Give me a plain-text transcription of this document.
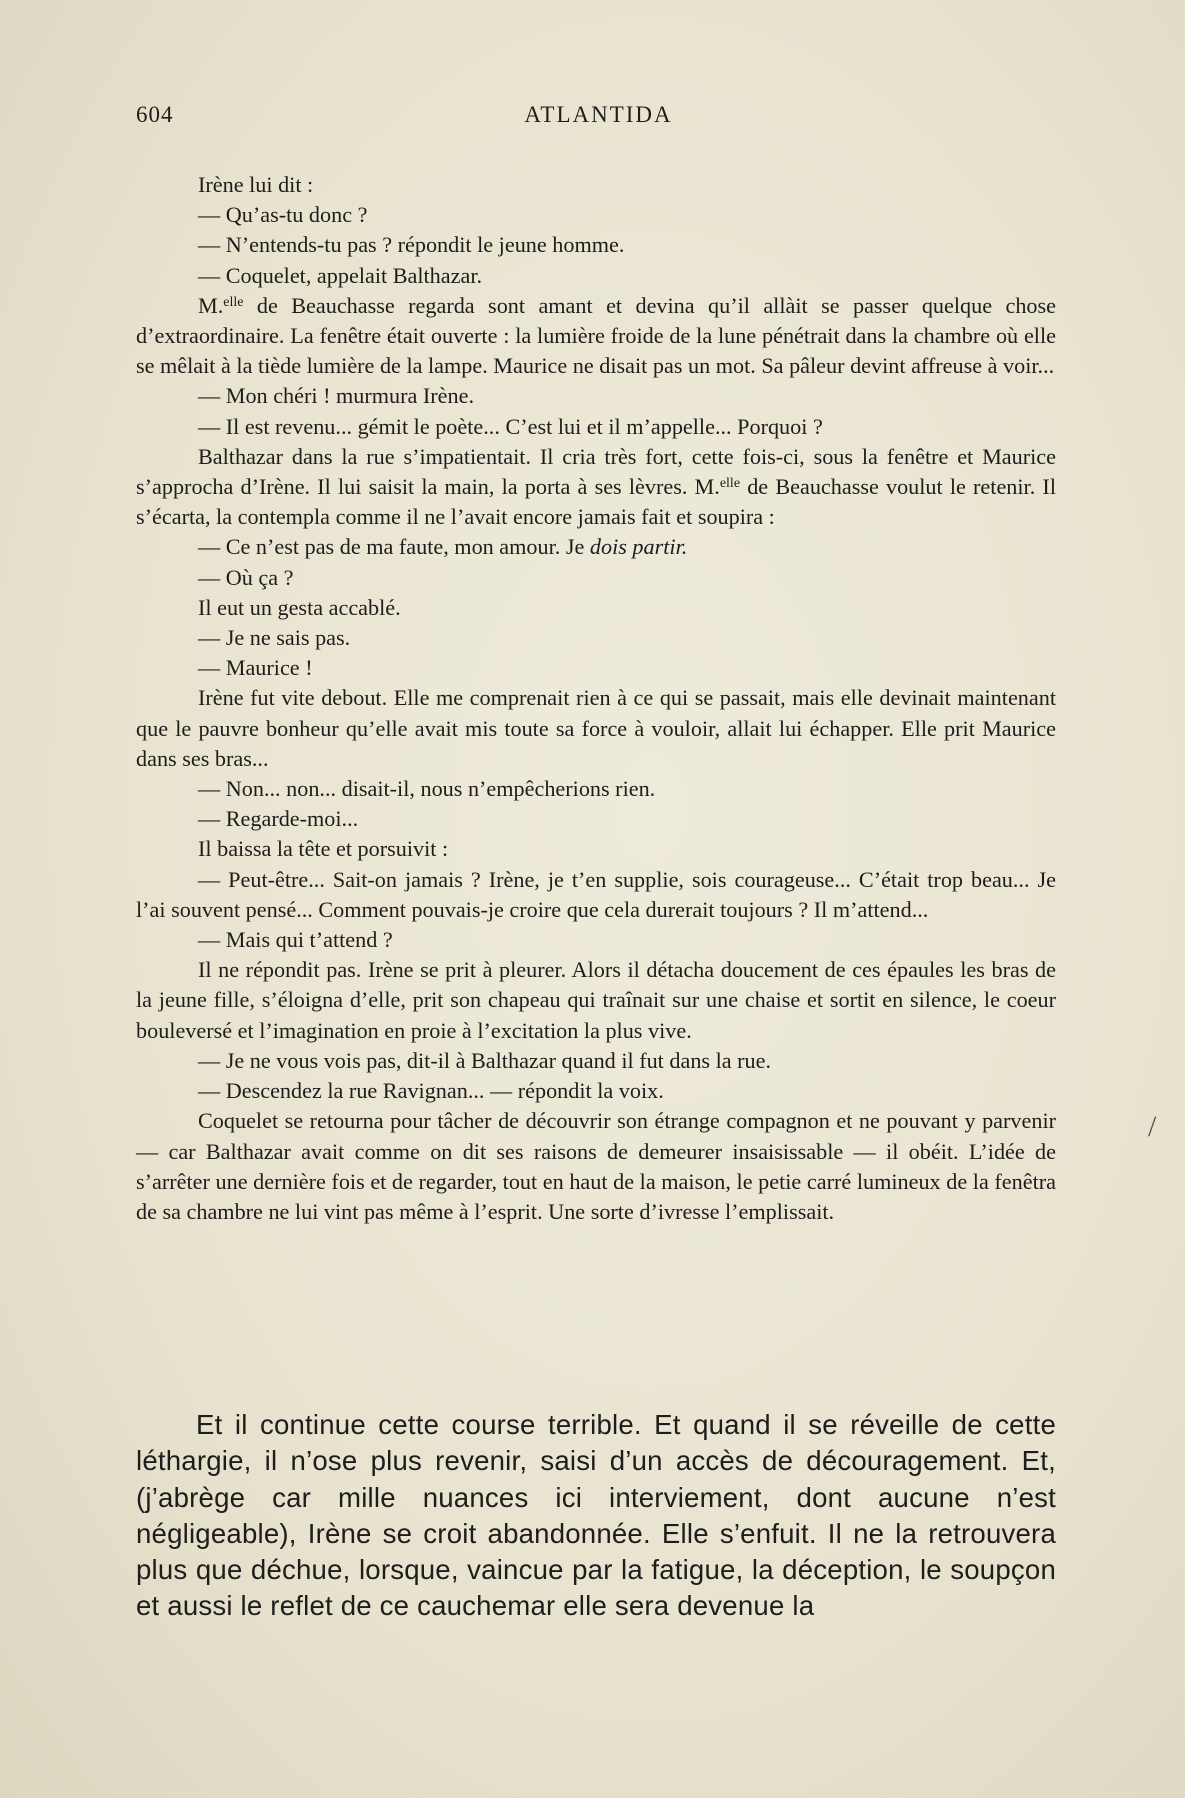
604	ATLANTIDA

Irène lui dit :

— Qu’as-tu donc ?

— N’entends-tu pas ? répondit le jeune homme.

— Coquelet, appelait Balthazar.

M.$^{elle}$ de Beauchasse regarda sont amant et devina qu’il allàit se passer quelque chose d’extraordinaire. La fenêtre était ouverte : la lumière froide de la lune pénétrait dans la chambre où elle se mêlait à la tiède lumière de la lampe. Maurice ne disait pas un mot. Sa pâleur devint affreuse à voir...

— Mon chéri ! murmura Irène.

— Il est revenu... gémit le poète... C’est lui et il m’appelle... Porquoi ?

Balthazar dans la rue s’impatientait. Il cria très fort, cette fois-ci, sous la fenêtre et Maurice s’approcha d’Irène. Il lui saisit la main, la porta à ses lèvres. M.$^{elle}$ de Beauchasse voulut le retenir. Il s’écarta, la contempla comme il ne l’avait encore jamais fait et soupira :

— Ce n’est pas de ma faute, mon amour. Je dois partir.

— Où ça ?

Il eut un gesta accablé.

— Je ne sais pas.

— Maurice !

Irène fut vite debout. Elle me comprenait rien à ce qui se passait, mais elle devinait maintenant que le pauvre bonheur qu’elle avait mis toute sa force à vouloir, allait lui échapper. Elle prit Maurice dans ses bras...

— Non... non... disait-il, nous n’empêcherions rien.

— Regarde-moi...

Il baissa la tête et porsuivit :

— Peut-être... Sait-on jamais ? Irène, je t’en supplie, sois courageuse... C’était trop beau... Je l’ai souvent pensé... Comment pouvais-je croire que cela durerait toujours ? Il m’attend...

— Mais qui t’attend ?

Il ne répondit pas. Irène se prit à pleurer. Alors il détacha doucement de ces épaules les bras de la jeune fille, s’éloigna d’elle, prit son chapeau qui traînait sur une chaise et sortit en silence, le coeur bouleversé et l’imagination en proie à l’excitation la plus vive.

— Je ne vous vois pas, dit-il à Balthazar quand il fut dans la rue.

— Descendez la rue Ravignan... — répondit la voix.

Coquelet se retourna pour tâcher de découvrir son étrange compagnon et ne pouvant y parvenir — car Balthazar avait comme on dit ses raisons de demeurer insaisissable — il obéit. L’idée de s’arrêter une dernière fois et de regarder, tout en haut de la maison, le petie carré lumineux de la fenêtra de sa chambre ne lui vint pas même à l’esprit. Une sorte d’ivresse l’emplissait.

Et il continue cette course terrible. Et quand il se réveille de cette léthargie, il n’ose plus revenir, saisi d’un accès de découragement. Et, (j’abrège car mille nuances ici interviement, dont aucune n’est négligeable), Irène se croit abandonnée. Elle s’enfuit. Il ne la retrouvera plus que déchue, lorsque, vaincue par la fatigue, la déception, le soupçon et aussi le reflet de ce cauchemar elle sera devenue la
/
